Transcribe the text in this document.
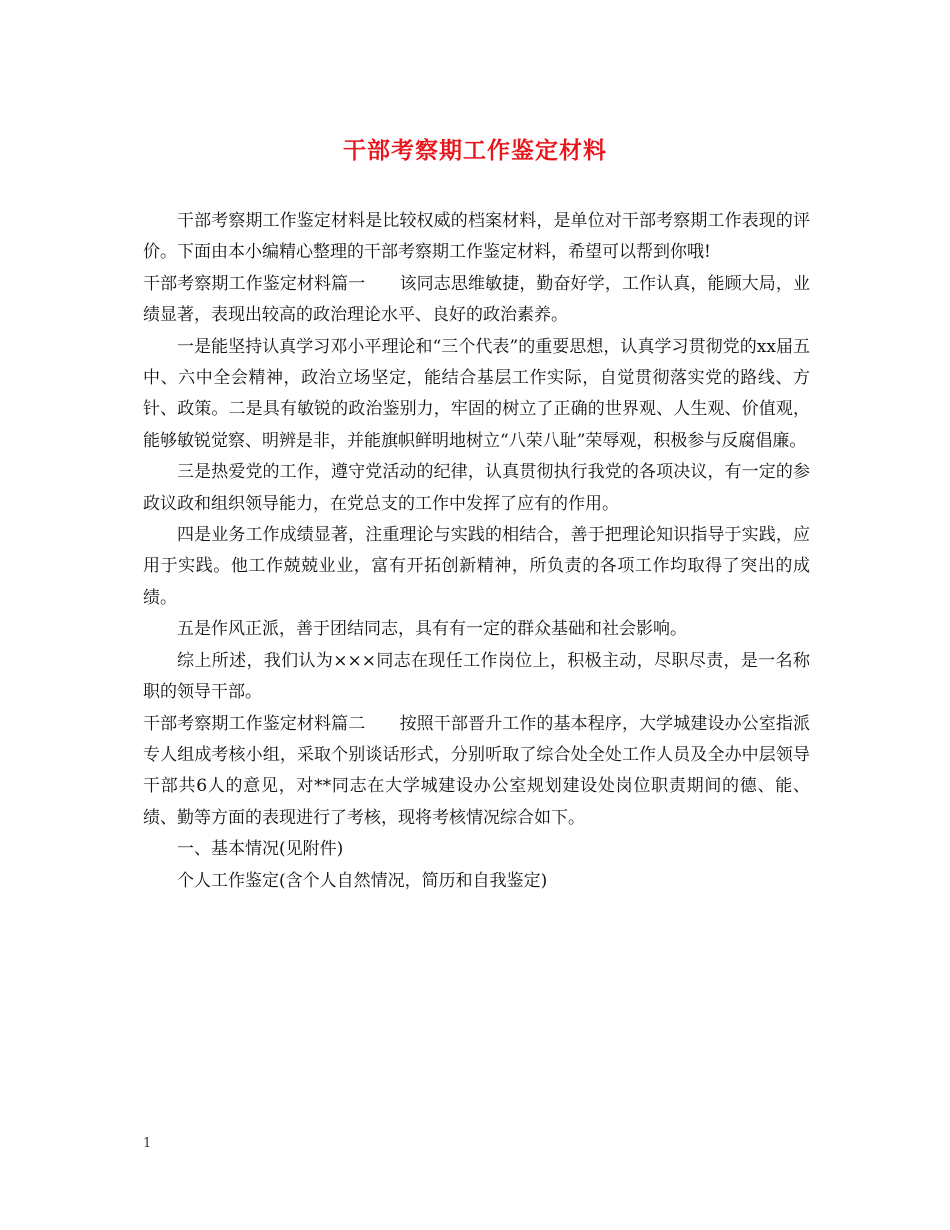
干部考察期工作鉴定材料

干部考察期工作鉴定材料是比较权威的档案材料，是单位对干部考察期工作表现的评价。下面由本小编精心整理的干部考察期工作鉴定材料，希望可以帮到你哦!

干部考察期工作鉴定材料篇一　　该同志思维敏捷，勤奋好学，工作认真，能顾大局，业绩显著，表现出较高的政治理论水平、良好的政治素养。

一是能坚持认真学习邓小平理论和“三个代表”的重要思想，认真学习贯彻党的xx届五中、六中全会精神，政治立场坚定，能结合基层工作实际，自觉贯彻落实党的路线、方针、政策。二是具有敏锐的政治鉴别力，牢固的树立了正确的世界观、人生观、价值观，能够敏锐觉察、明辨是非，并能旗帜鲜明地树立“八荣八耻”荣辱观，积极参与反腐倡廉。

三是热爱党的工作，遵守党活动的纪律，认真贯彻执行我党的各项决议，有一定的参政议政和组织领导能力，在党总支的工作中发挥了应有的作用。

四是业务工作成绩显著，注重理论与实践的相结合，善于把理论知识指导于实践，应用于实践。他工作兢兢业业，富有开拓创新精神，所负责的各项工作均取得了突出的成绩。

五是作风正派，善于团结同志，具有有一定的群众基础和社会影响。

综上所述，我们认为×××同志在现任工作岗位上，积极主动，尽职尽责，是一名称职的领导干部。

干部考察期工作鉴定材料篇二　　按照干部晋升工作的基本程序，大学城建设办公室指派专人组成考核小组，采取个别谈话形式，分别听取了综合处全处工作人员及全办中层领导干部共6人的意见，对**同志在大学城建设办公室规划建设处岗位职责期间的德、能、绩、勤等方面的表现进行了考核，现将考核情况综合如下。

一、基本情况(见附件)

个人工作鉴定(含个人自然情况，简历和自我鉴定)

1
